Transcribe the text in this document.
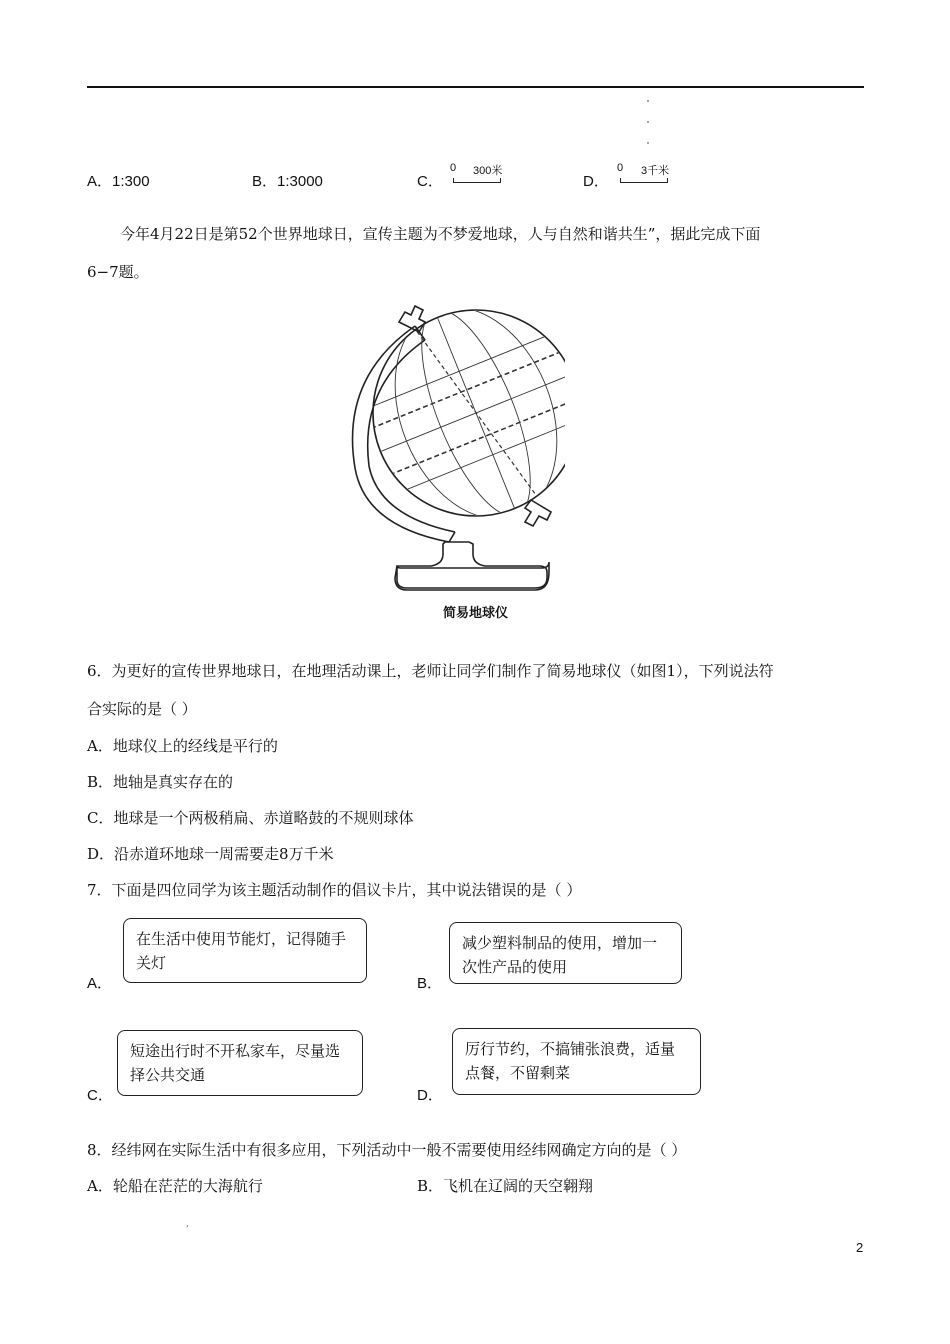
A．1:300	B．1:3000	C．
0 300米
D．
0 3千米
今年4月22日是第52个世界地球日，宣传主题为不梦爱地球，人与自然和谐共生”，据此完成下面
6−7题。
简易地球仪
6．为更好的宣传世界地球日，在地理活动课上，老师让同学们制作了简易地球仪（如图1），下列说法符
合实际的是（ ）
A．地球仪上的经线是平行的
B．地轴是真实存在的
C．地球是一个两极稍扁、赤道略鼓的不规则球体
D．沿赤道环地球一周需要走8万千米
7．下面是四位同学为该主题活动制作的倡议卡片，其中说法错误的是（ ）
A．
在生活中使用节能灯，记得随手关灯
B．
减少塑料制品的使用，增加一次性产品的使用
C．
短途出行时不开私家车，尽量选择公共交通
D．
厉行节约，不搞铺张浪费，适量点餐，不留剩菜
8．经纬网在实际生活中有很多应用，下列活动中一般不需要使用经纬网确定方向的是（ ）
A．轮船在茫茫的大海航行	B．飞机在辽阔的天空翱翔
,
2
